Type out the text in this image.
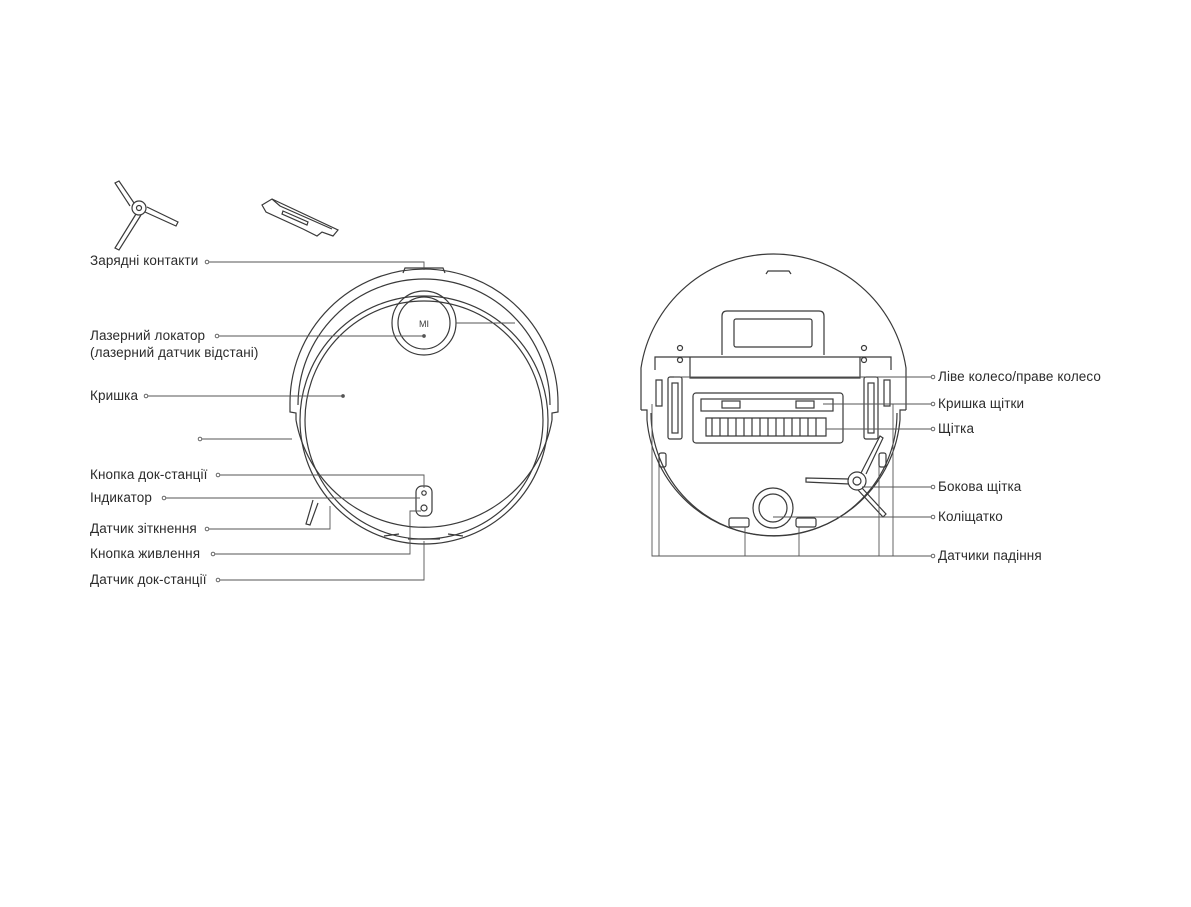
MI
Зарядні контакти
Лазерний локатор
(лазерний датчик відстані)
Кришка
Кнопка док-станції
Індикатор
Датчик зіткнення
Кнопка живлення
Датчик док-станції
Ліве колесо/праве колесо
Кришка щітки
Щітка
Бокова щітка
Коліщатко
Датчики падіння
